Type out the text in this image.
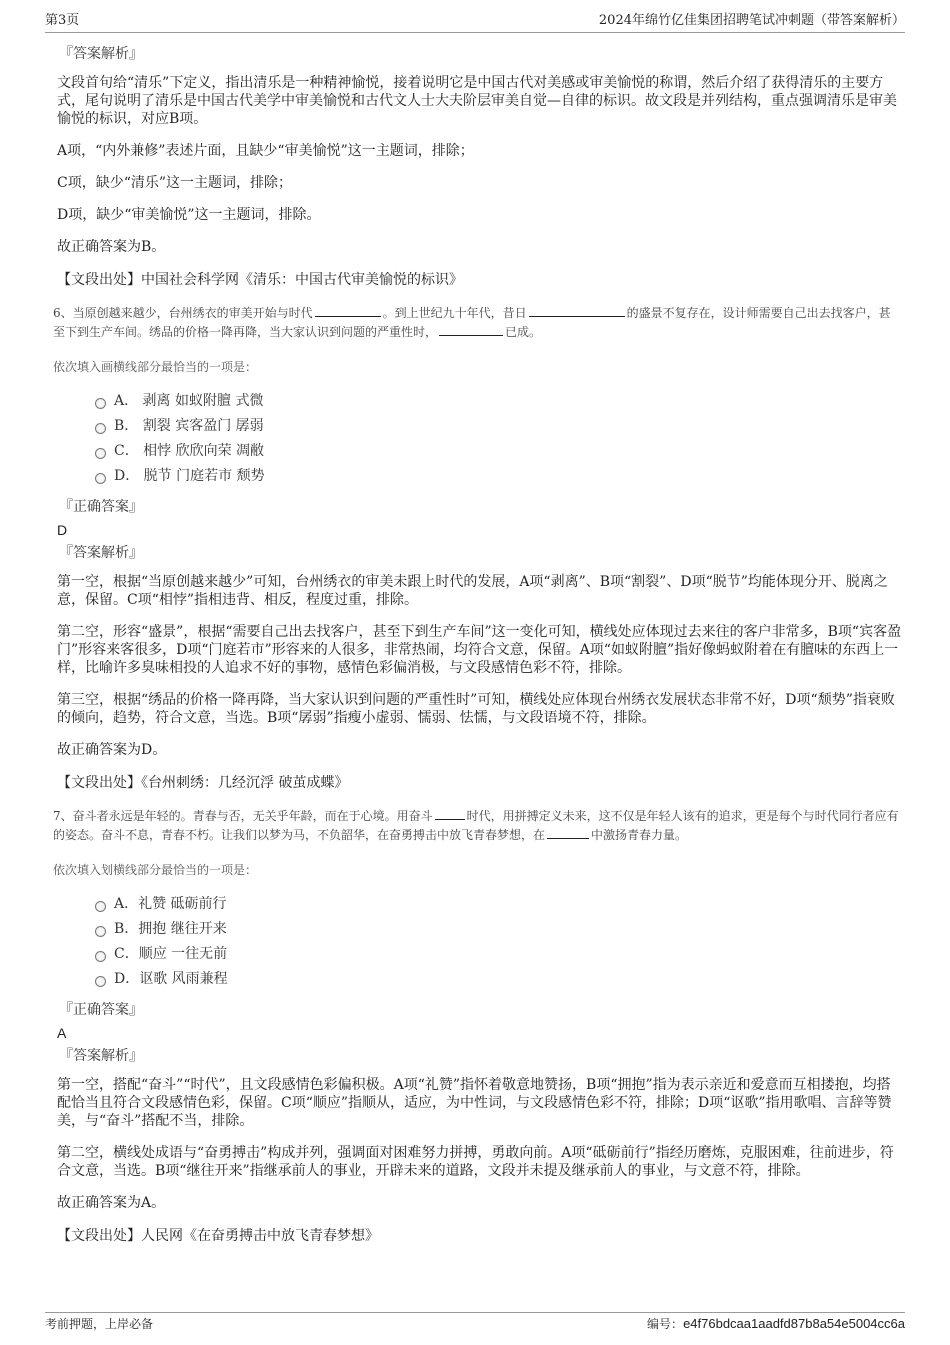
第3页	2024年绵竹亿佳集团招聘笔试冲刺题（带答案解析）
『答案解析』
文段首句给“清乐”下定义，指出清乐是一种精神愉悦，接着说明它是中国古代对美感或审美愉悦的称谓，然后介绍了获得清乐的主要方式，尾句说明了清乐是中国古代美学中审美愉悦和古代文人士大夫阶层审美自觉—自律的标识。故文段是并列结构，重点强调清乐是审美愉悦的标识，对应B项。
A项，“内外兼修”表述片面，且缺少“审美愉悦”这一主题词，排除；
C项，缺少“清乐”这一主题词，排除；
D项，缺少“审美愉悦”这一主题词，排除。
故正确答案为B。
【文段出处】中国社会科学网《清乐：中国古代审美愉悦的标识》
6、当原创越来越少，台州绣衣的审美开始与时代	。到上世纪九十年代，昔日	的盛景不复存在，设计师需要自己出去找客户，甚至下到生产车间。绣品的价格一降再降，当大家认识到问题的严重性时，	已成。
依次填入画横线部分最恰当的一项是：
A． 剥离 如蚁附膻 式微
B． 割裂 宾客盈门 孱弱
C． 相悖 欣欣向荣 凋敝
D． 脱节 门庭若市 颓势
『正确答案』
D
『答案解析』
第一空，根据“当原创越来越少”可知，台州绣衣的审美未跟上时代的发展，A项“剥离”、B项“割裂”、D项“脱节”均能体现分开、脱离之意，保留。C项“相悖”指相违背、相反，程度过重，排除。
第二空，形容“盛景”，根据“需要自己出去找客户，甚至下到生产车间”这一变化可知，横线处应体现过去来往的客户非常多，B项“宾客盈门”形容来客很多，D项“门庭若市”形容来的人很多，非常热闹，均符合文意，保留。A项“如蚁附膻”指好像蚂蚁附着在有膻味的东西上一样，比喻许多臭味相投的人追求不好的事物，感情色彩偏消极，与文段感情色彩不符，排除。
第三空，根据“绣品的价格一降再降，当大家认识到问题的严重性时”可知，横线处应体现台州绣衣发展状态非常不好，D项“颓势”指衰败的倾向，趋势，符合文意，当选。B项“孱弱”指瘦小虚弱、懦弱、怯懦，与文段语境不符，排除。
故正确答案为D。
【文段出处】《台州刺绣：几经沉浮 破茧成蝶》
7、奋斗者永远是年轻的。青春与否，无关乎年龄，而在于心境。用奋斗	时代，用拼搏定义未来，这不仅是年轻人该有的追求，更是每个与时代同行者应有的姿态。奋斗不息，青春不朽。让我们以梦为马，不负韶华，在奋勇搏击中放飞青春梦想，在	中激扬青春力量。
依次填入划横线部分最恰当的一项是：
A．礼赞 砥砺前行
B．拥抱 继往开来
C．顺应 一往无前
D．讴歌 风雨兼程
『正确答案』
A
『答案解析』
第一空，搭配“奋斗”“时代”，且文段感情色彩偏积极。A项“礼赞”指怀着敬意地赞扬，B项“拥抱”指为表示亲近和爱意而互相搂抱，均搭配恰当且符合文段感情色彩，保留。C项“顺应”指顺从，适应，为中性词，与文段感情色彩不符，排除；D项“讴歌”指用歌唱、言辞等赞美，与“奋斗”搭配不当，排除。
第二空，横线处成语与“奋勇搏击”构成并列，强调面对困难努力拼搏，勇敢向前。A项“砥砺前行”指经历磨炼，克服困难，往前进步，符合文意，当选。B项“继往开来”指继承前人的事业，开辟未来的道路，文段并未提及继承前人的事业，与文意不符，排除。
故正确答案为A。
【文段出处】人民网《在奋勇搏击中放飞青春梦想》
考前押题，上岸必备	编号：e4f76bdcaa1aadfd87b8a54e5004cc6a
